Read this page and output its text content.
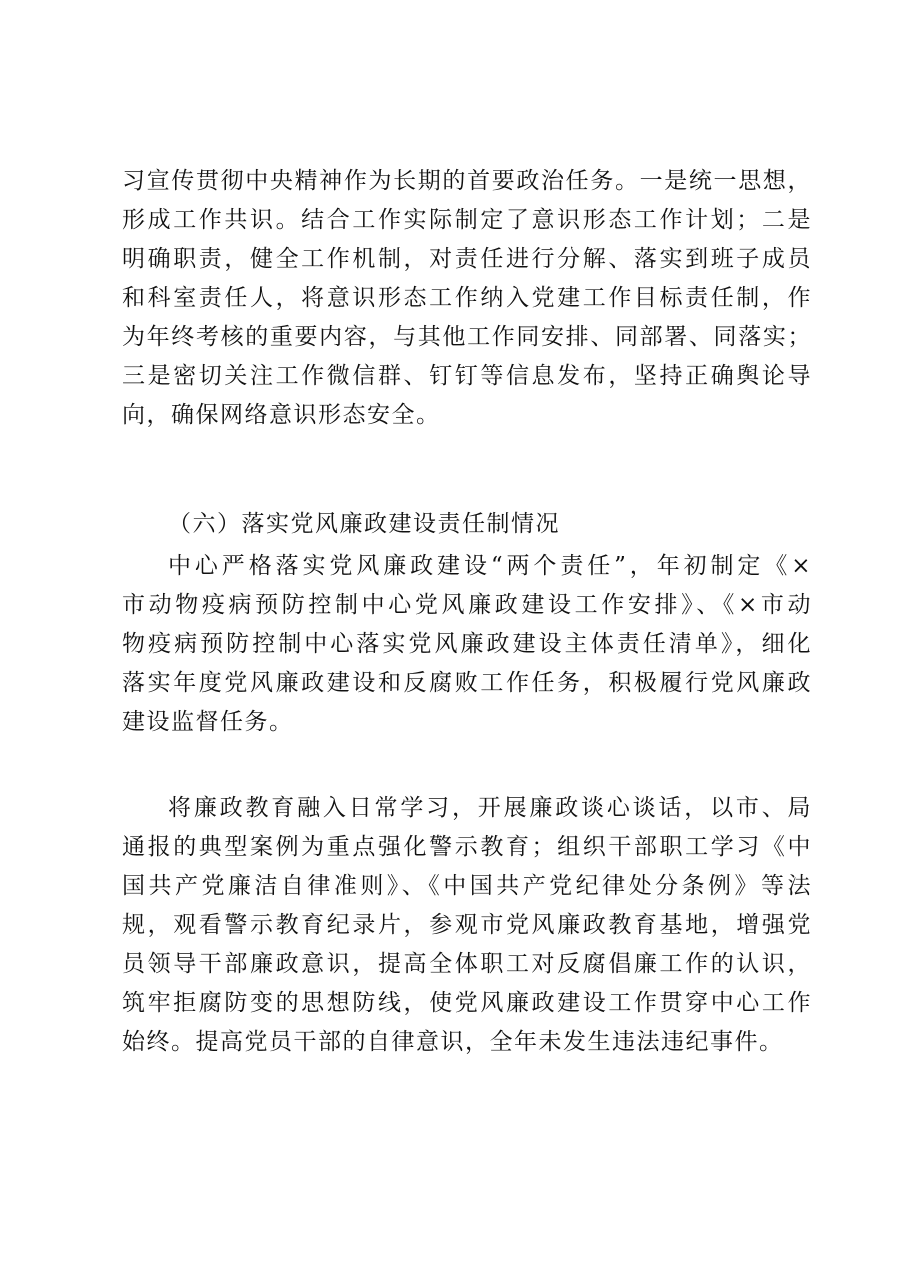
习宣传贯彻中央精神作为长期的首要政治任务。一是统一思想，
形成工作共识。结合工作实际制定了意识形态工作计划；二是
明确职责，健全工作机制，对责任进行分解、落实到班子成员
和科室责任人，将意识形态工作纳入党建工作目标责任制，作
为年终考核的重要内容，与其他工作同安排、同部署、同落实；
三是密切关注工作微信群、钉钉等信息发布，坚持正确舆论导
向，确保网络意识形态安全。
（六）落实党风廉政建设责任制情况
中心严格落实党风廉政建设“两个责任”，年初制定《×
市动物疫病预防控制中心党风廉政建设工作安排》、《×市动
物疫病预防控制中心落实党风廉政建设主体责任清单》，细化
落实年度党风廉政建设和反腐败工作任务，积极履行党风廉政
建设监督任务。
将廉政教育融入日常学习，开展廉政谈心谈话，以市、局
通报的典型案例为重点强化警示教育；组织干部职工学习《中
国共产党廉洁自律准则》、《中国共产党纪律处分条例》等法
规，观看警示教育纪录片，参观市党风廉政教育基地，增强党
员领导干部廉政意识，提高全体职工对反腐倡廉工作的认识，
筑牢拒腐防变的思想防线，使党风廉政建设工作贯穿中心工作
始终。提高党员干部的自律意识，全年未发生违法违纪事件。
